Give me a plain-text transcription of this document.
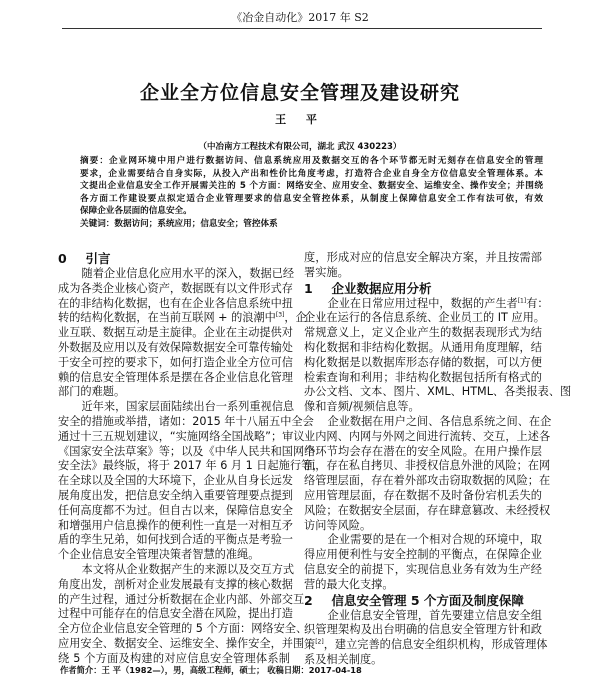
《冶金自动化》2017 年 S2
企业全方位信息安全管理及建设研究
王 平
（中冶南方工程技术有限公司，湖北 武汉 430223）
摘要：企业网环境中用户进行数据访问、信息系统应用及数据交互的各个环节都无时无刻存在信息安全的管理
要求，企业需要结合自身实际，从投入产出和性价比角度考虑，打造符合企业自身全方位信息安全管理体系。本
文提出企业信息安全工作开展需关注的 5 个方面：网络安全、应用安全、数据安全、运维安全、操作安全；并围绕
各方面工作建设要点拟定适合企业管理要求的信息安全管控体系，从制度上保障信息安全工作有法可依，有效
保障企业各层面的信息安全。
关键词：数据访问；系统应用；信息安全；管控体系
0 引言
随着企业信息化应用水平的深入，数据已经
成为各类企业核心资产，数据既有以文件形式存
在的非结构化数据，也有在企业各信息系统中扭
转的结构化数据，在当前互联网 + 的浪潮中[3]，企
业互联、数据互动是主旋律。企业在主动提供对
外数据及应用以及有效保障数据安全可靠传输处
于安全可控的要求下，如何打造企业全方位可信
赖的信息安全管理体系是摆在各企业信息化管理
部门的难题。
近年来，国家层面陆续出台一系列重视信息
安全的措施或举措，诸如：2015 年十八届五中全会
通过十三五规划建议，“实施网络全国战略”；审议
《国家安全法草案》等；以及《中华人民共和国网络
安全法》最终版，将于 2017 年 6 月 1 日起施行等，
在全球以及全国的大环境下，企业从自身长远发
展角度出发，把信息安全纳入重要管理要点提到
任何高度都不为过。但自古以来，保障信息安全
和增强用户信息操作的便利性一直是一对相互矛
盾的孪生兄弟，如何找到合适的平衡点是考验一
个企业信息安全管理决策者智慧的准绳。
本文将从企业数据产生的来源以及交互方式
角度出发，剖析对企业发展最有支撑的核心数据
的产生过程，通过分析数据在企业内部、外部交互
过程中可能存在的信息安全潜在风险，提出打造
全方位企业信息安全管理的 5 个方面：网络安全、
应用安全、数据安全、运维安全、操作安全，并围
绕 5 个方面及构建的对应信息安全管理体系制
度，形成对应的信息安全解决方案，并且按需部
署实施。
1 企业数据应用分析
企业在日常应用过程中，数据的产生者[1]有：
企业在运行的各信息系统、企业员工的 IT 应用。
常规意义上，定义企业产生的数据表现形式为结
构化数据和非结构化数据。从通用角度理解，结
构化数据是以数据库形态存储的数据，可以方便
检索查询和利用；非结构化数据包括所有格式的
办公文档、文本、图片、XML、HTML、各类报表、图
像和音频/视频信息等。
企业数据在用户之间、各信息系统之间、在企
业内网、内网与外网之间进行流转、交互，上述各
个环节均会存在潜在的安全风险。在用户操作层
面，存在私自拷贝、非授权信息外泄的风险；在网
络管理层面，存在着外部攻击窃取数据的风险；在
应用管理层面，存在数据不及时备份宕机丢失的
风险；在数据安全层面，存在肆意篡改、未经授权
访问等风险。
企业需要的是在一个相对合规的环境中，取
得应用便利性与安全控制的平衡点，在保障企业
信息安全的前提下，实现信息业务有效为生产经
营的最大化支撑。
2 信息安全管理 5 个方面及制度保障
企业信息安全管理，首先要建立信息安全组
织管理架构及出台明确的信息安全管理方针和政
策[2]，建立完善的信息安全组织机构，形成管理体
系及相关制度。
作者简介：王 平（1982—），男，高级工程师，硕士； 收稿日期：2017-04-18
